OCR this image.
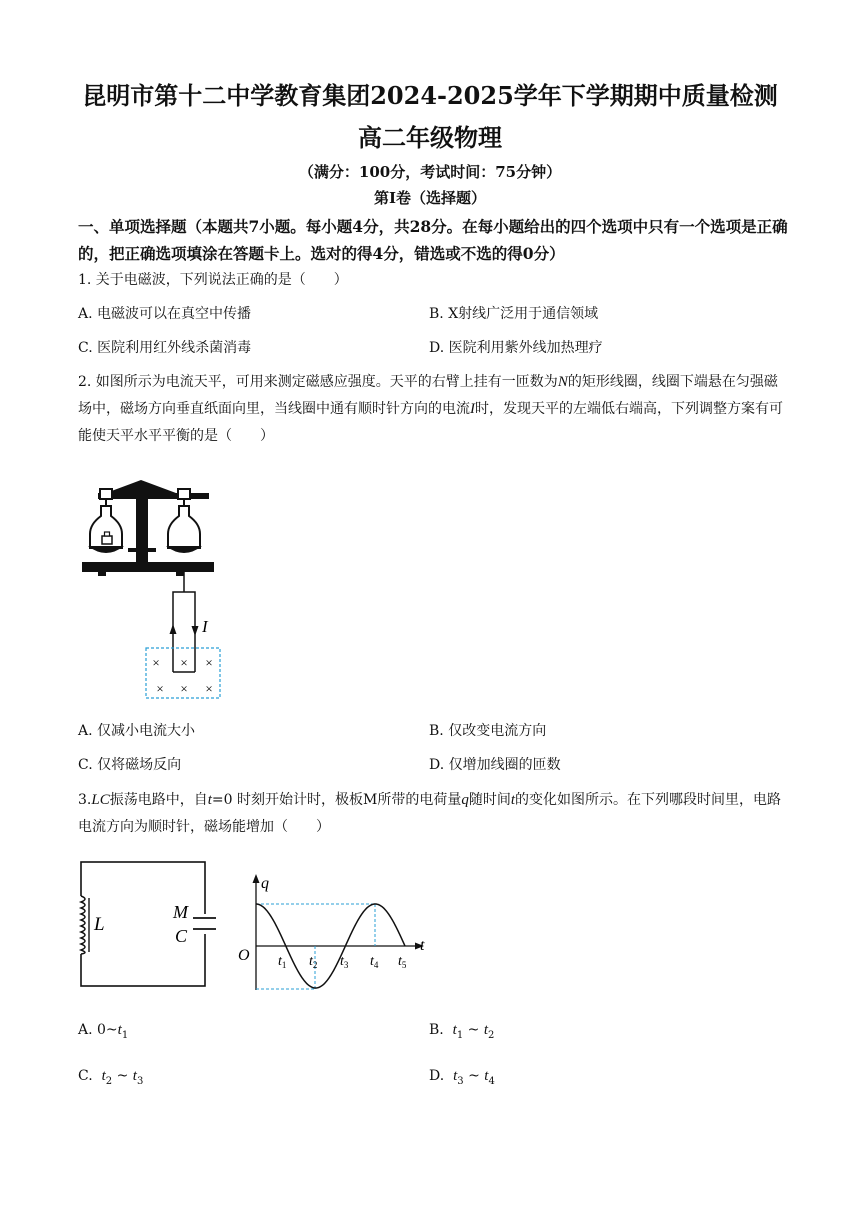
昆明市第十二中学教育集团2024-2025学年下学期期中质量检测
高二年级物理
（满分：100分，考试时间：75分钟）
第Ⅰ卷（选择题）
一、单项选择题（本题共7小题。每小题4分，共28分。在每小题给出的四个选项中只有一个选项是正确的，把正确选项填涂在答题卡上。选对的得4分，错选或不选的得0分）
1. 关于电磁波，下列说法正确的是（　　）
A. 电磁波可以在真空中传播	B. X射线广泛用于通信领域
C. 医院利用红外线杀菌消毒	D. 医院利用紫外线加热理疗
2. 如图所示为电流天平，可用来测定磁感应强度。天平的右臂上挂有一匝数为N的矩形线圈，线圈下端悬在匀强磁场中，磁场方向垂直纸面向里，当线圈中通有顺时针方向的电流I时，发现天平的左端低右端高，下列调整方案有可能使天平水平平衡的是（　　）
I
× × ×
× × ×
A. 仅减小电流大小	B. 仅改变电流方向
C. 仅将磁场反向	D. 仅增加线圈的匝数
3.LC振荡电路中，自t=0 时刻开始计时，极板M所带的电荷量q随时间t的变化如图所示。在下列哪段时间里，电路电流方向为顺时针，磁场能增加（　　）
L
M
C
q
t
O $t_1$ $t_2$ $t_3$ $t_4$ $t_5$
A. $0\sim t_1$	B. $t_1$ ~ $t_2$
C. $t_2$ ~ $t_3$	D. $t_3$ ~ $t_4$
